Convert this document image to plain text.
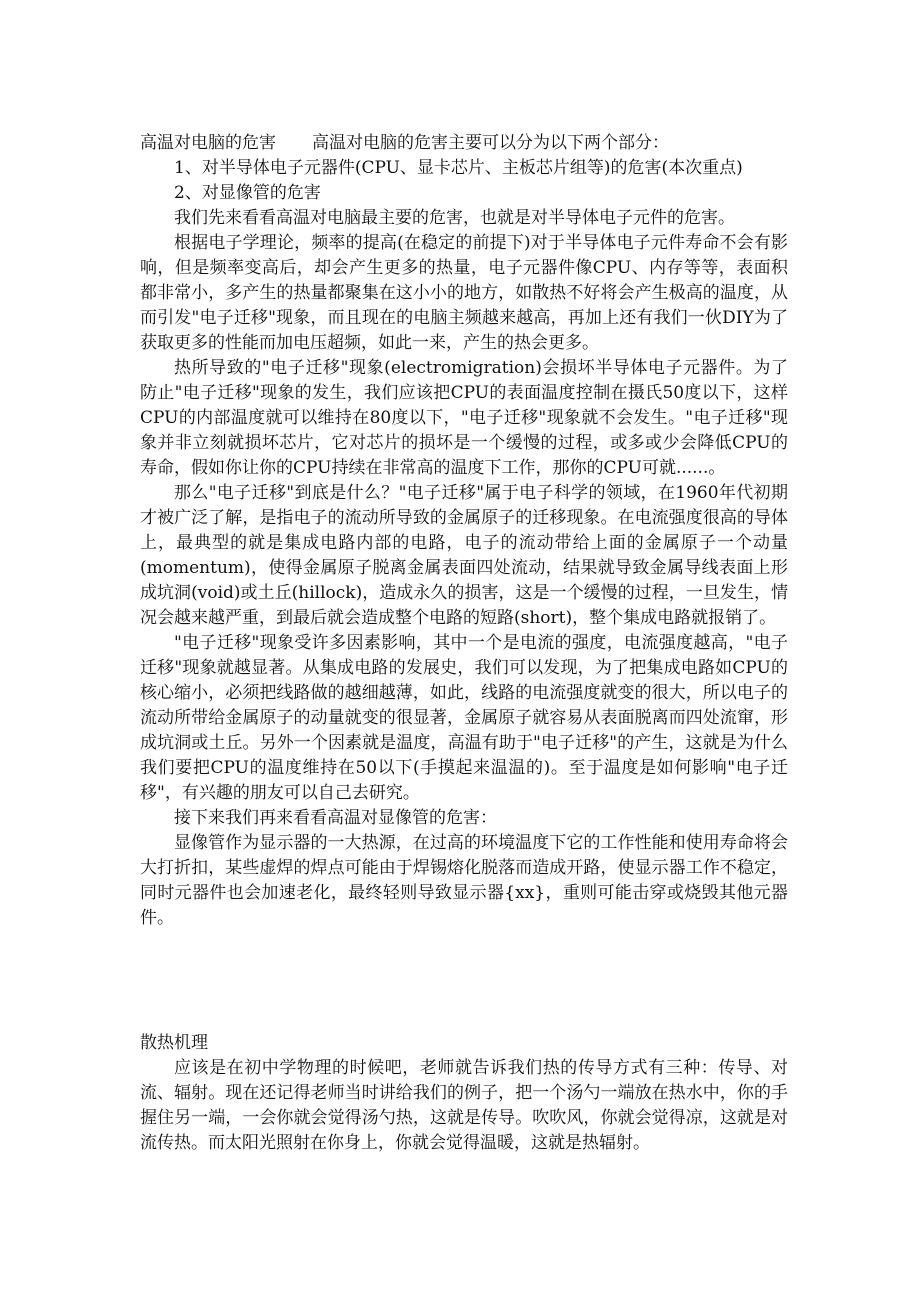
高温对电脑的危害 高温对电脑的危害主要可以分为以下两个部分：

1、对半导体电子元器件(CPU、显卡芯片、主板芯片组等)的危害(本次重点)

2、对显像管的危害

我们先来看看高温对电脑最主要的危害，也就是对半导体电子元件的危害。

根据电子学理论，频率的提高(在稳定的前提下)对于半导体电子元件寿命不会有影响，但是频率变高后，却会产生更多的热量，电子元器件像CPU、内存等等，表面积都非常小，多产生的热量都聚集在这小小的地方，如散热不好将会产生极高的温度，从而引发"电子迁移"现象，而且现在的电脑主频越来越高，再加上还有我们一伙DIY为了获取更多的性能而加电压超频，如此一来，产生的热会更多。

热所导致的"电子迁移"现象(electromigration)会损坏半导体电子元器件。为了防止"电子迁移"现象的发生，我们应该把CPU的表面温度控制在摄氏50度以下，这样CPU的内部温度就可以维持在80度以下，"电子迁移"现象就不会发生。"电子迁移"现象并非立刻就损坏芯片，它对芯片的损坏是一个缓慢的过程，或多或少会降低CPU的寿命，假如你让你的CPU持续在非常高的温度下工作，那你的CPU可就......。

那么"电子迁移"到底是什么？"电子迁移"属于电子科学的领域，在1960年代初期才被广泛了解，是指电子的流动所导致的金属原子的迁移现象。在电流强度很高的导体上，最典型的就是集成电路内部的电路，电子的流动带给上面的金属原子一个动量(momentum)，使得金属原子脱离金属表面四处流动，结果就导致金属导线表面上形成坑洞(void)或土丘(hillock)，造成永久的损害，这是一个缓慢的过程，一旦发生，情况会越来越严重，到最后就会造成整个电路的短路(short)，整个集成电路就报销了。

"电子迁移"现象受许多因素影响，其中一个是电流的强度，电流强度越高，"电子迁移"现象就越显著。从集成电路的发展史，我们可以发现，为了把集成电路如CPU的核心缩小，必须把线路做的越细越薄，如此，线路的电流强度就变的很大，所以电子的流动所带给金属原子的动量就变的很显著，金属原子就容易从表面脱离而四处流窜，形成坑洞或土丘。另外一个因素就是温度，高温有助于"电子迁移"的产生，这就是为什么我们要把CPU的温度维持在50以下(手摸起来温温的)。至于温度是如何影响"电子迁移"，有兴趣的朋友可以自己去研究。

接下来我们再来看看高温对显像管的危害：

显像管作为显示器的一大热源，在过高的环境温度下它的工作性能和使用寿命将会大打折扣，某些虚焊的焊点可能由于焊锡熔化脱落而造成开路，使显示器工作不稳定，同时元器件也会加速老化，最终轻则导致显示器{xx}，重则可能击穿或烧毁其他元器件。

散热机理

应该是在初中学物理的时候吧，老师就告诉我们热的传导方式有三种：传导、对流、辐射。现在还记得老师当时讲给我们的例子，把一个汤勺一端放在热水中，你的手握住另一端，一会你就会觉得汤勺热，这就是传导。吹吹风，你就会觉得凉，这就是对流传热。而太阳光照射在你身上，你就会觉得温暖，这就是热辐射。
